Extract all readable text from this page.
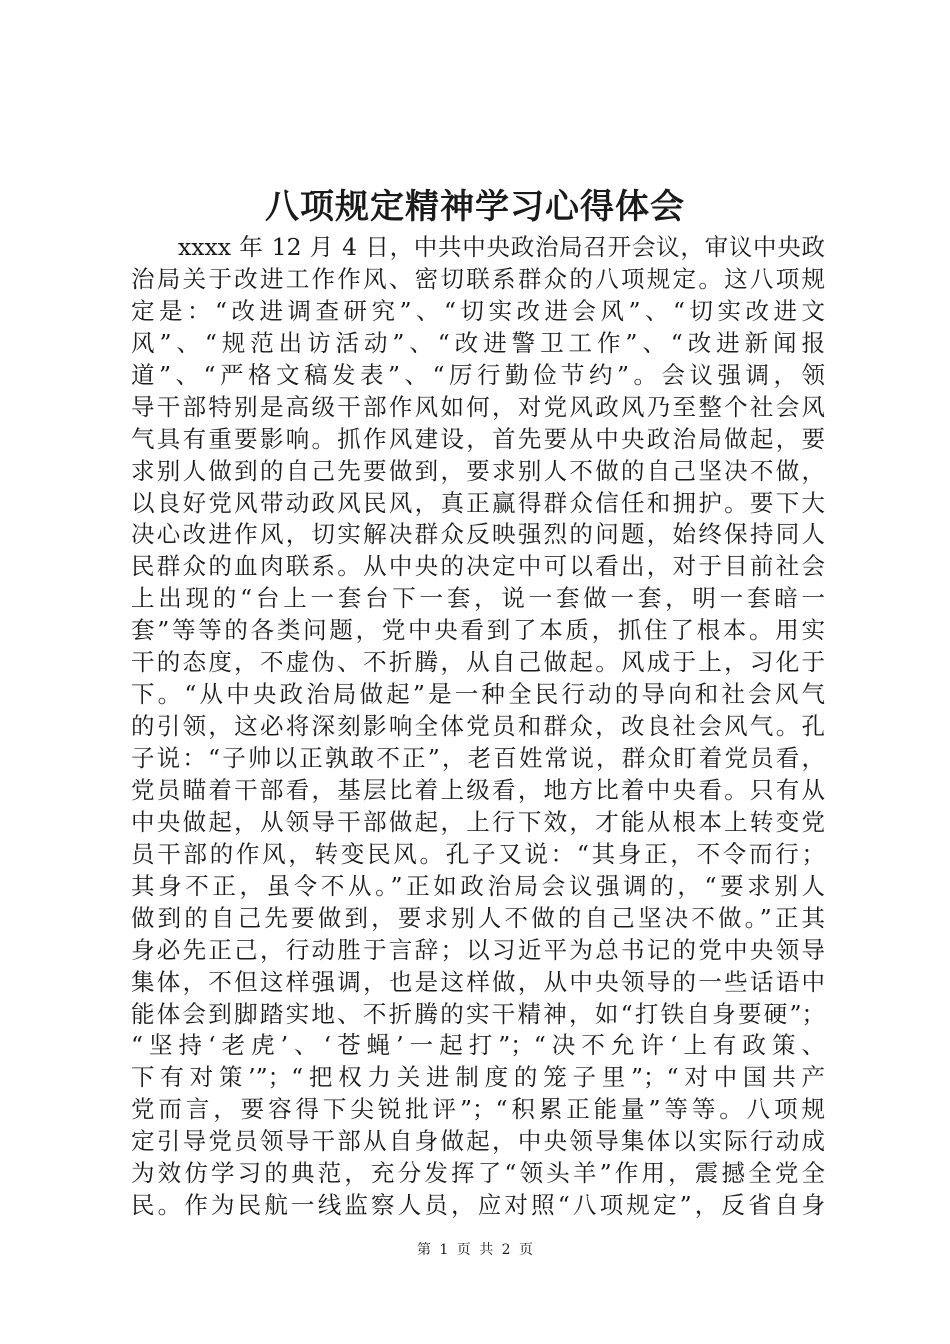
八项规定精神学习心得体会
xxxx 年 12 月 4 日，中共中央政治局召开会议，审议中央政
治局关于改进工作作风、密切联系群众的八项规定。这八项规
定是：“改进调查研究”、“切实改进会风”、“切实改进文
风”、“规范出访活动”、“改进警卫工作”、“改进新闻报
道”、“严格文稿发表”、“厉行勤俭节约”。会议强调，领
导干部特别是高级干部作风如何，对党风政风乃至整个社会风
气具有重要影响。抓作风建设，首先要从中央政治局做起，要
求别人做到的自己先要做到，要求别人不做的自己坚决不做，
以良好党风带动政风民风，真正赢得群众信任和拥护。要下大
决心改进作风，切实解决群众反映强烈的问题，始终保持同人
民群众的血肉联系。从中央的决定中可以看出，对于目前社会
上出现的“台上一套台下一套，说一套做一套，明一套暗一
套”等等的各类问题，党中央看到了本质，抓住了根本。用实
干的态度，不虚伪、不折腾，从自己做起。风成于上，习化于
下。“从中央政治局做起”是一种全民行动的导向和社会风气
的引领，这必将深刻影响全体党员和群众，改良社会风气。孔
子说：“子帅以正孰敢不正”，老百姓常说，群众盯着党员看，
党员瞄着干部看，基层比着上级看，地方比着中央看。只有从
中央做起，从领导干部做起，上行下效，才能从根本上转变党
员干部的作风，转变民风。孔子又说：“其身正，不令而行；
其身不正，虽令不从。”正如政治局会议强调的，“要求别人
做到的自己先要做到，要求别人不做的自己坚决不做。”正其
身必先正己，行动胜于言辞；以习近平为总书记的党中央领导
集体，不但这样强调，也是这样做，从中央领导的一些话语中
能体会到脚踏实地、不折腾的实干精神，如“打铁自身要硬”；
“坚持‘老虎’、‘苍蝇’一起打”；“决不允许‘上有政策、
下有对策’”；“把权力关进制度的笼子里”；“对中国共产
党而言，要容得下尖锐批评”；“积累正能量”等等。八项规
定引导党员领导干部从自身做起，中央领导集体以实际行动成
为效仿学习的典范，充分发挥了“领头羊”作用，震撼全党全
民。作为民航一线监察人员，应对照“八项规定”，反省自身
第 1 页 共 2 页
